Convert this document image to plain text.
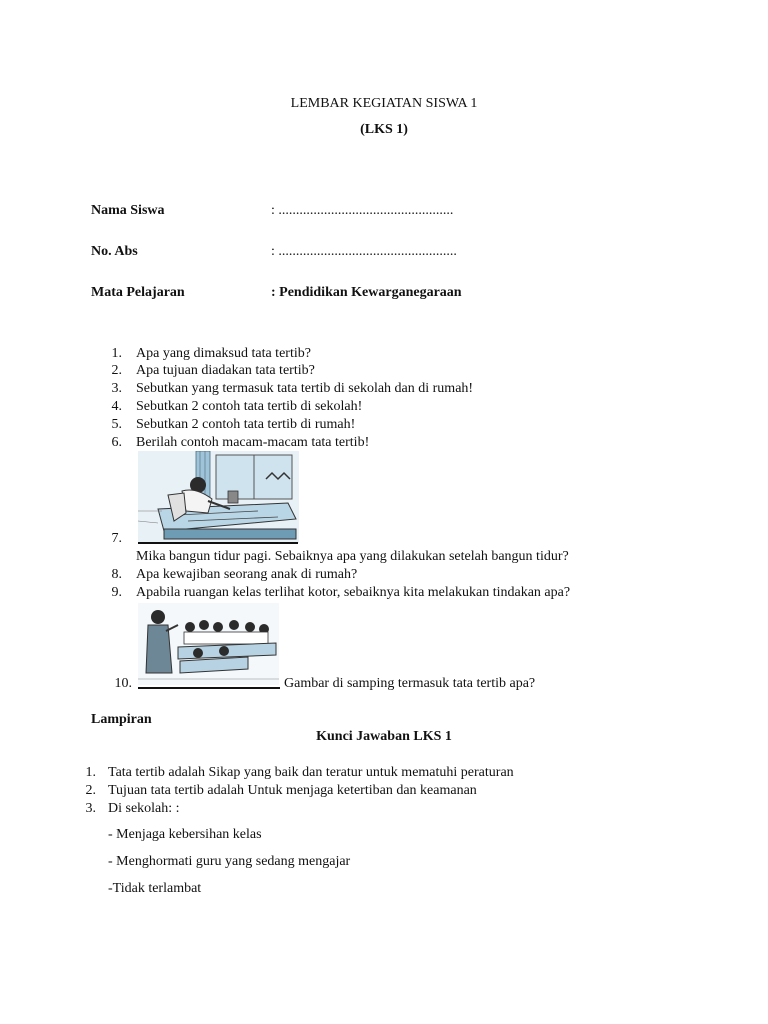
LEMBAR KEGIATAN SISWA 1
(LKS 1)
Nama Siswa	: ..................................................
No. Abs	: ...................................................
Mata Pelajaran	: Pendidikan Kewarganegaraan
1. Apa yang dimaksud tata tertib?
2. Apa tujuan diadakan tata tertib?
3. Sebutkan yang termasuk tata tertib di sekolah dan di rumah!
4. Sebutkan 2 contoh tata tertib di sekolah!
5. Sebutkan 2 contoh tata tertib di rumah!
6. Berilah contoh macam-macam tata tertib!
7.
Mika bangun tidur pagi. Sebaiknya apa yang dilakukan setelah bangun tidur?
8. Apa kewajiban seorang anak di rumah?
9. Apabila ruangan kelas terlihat kotor, sebaiknya kita melakukan tindakan apa?
10.	Gambar di samping termasuk tata tertib apa?
Lampiran
Kunci Jawaban LKS 1
1. Tata tertib adalah Sikap yang baik dan teratur untuk mematuhi peraturan
2. Tujuan tata tertib adalah Untuk menjaga ketertiban dan keamanan
3. Di sekolah: :
- Menjaga kebersihan kelas
- Menghormati guru yang sedang mengajar
-Tidak terlambat
